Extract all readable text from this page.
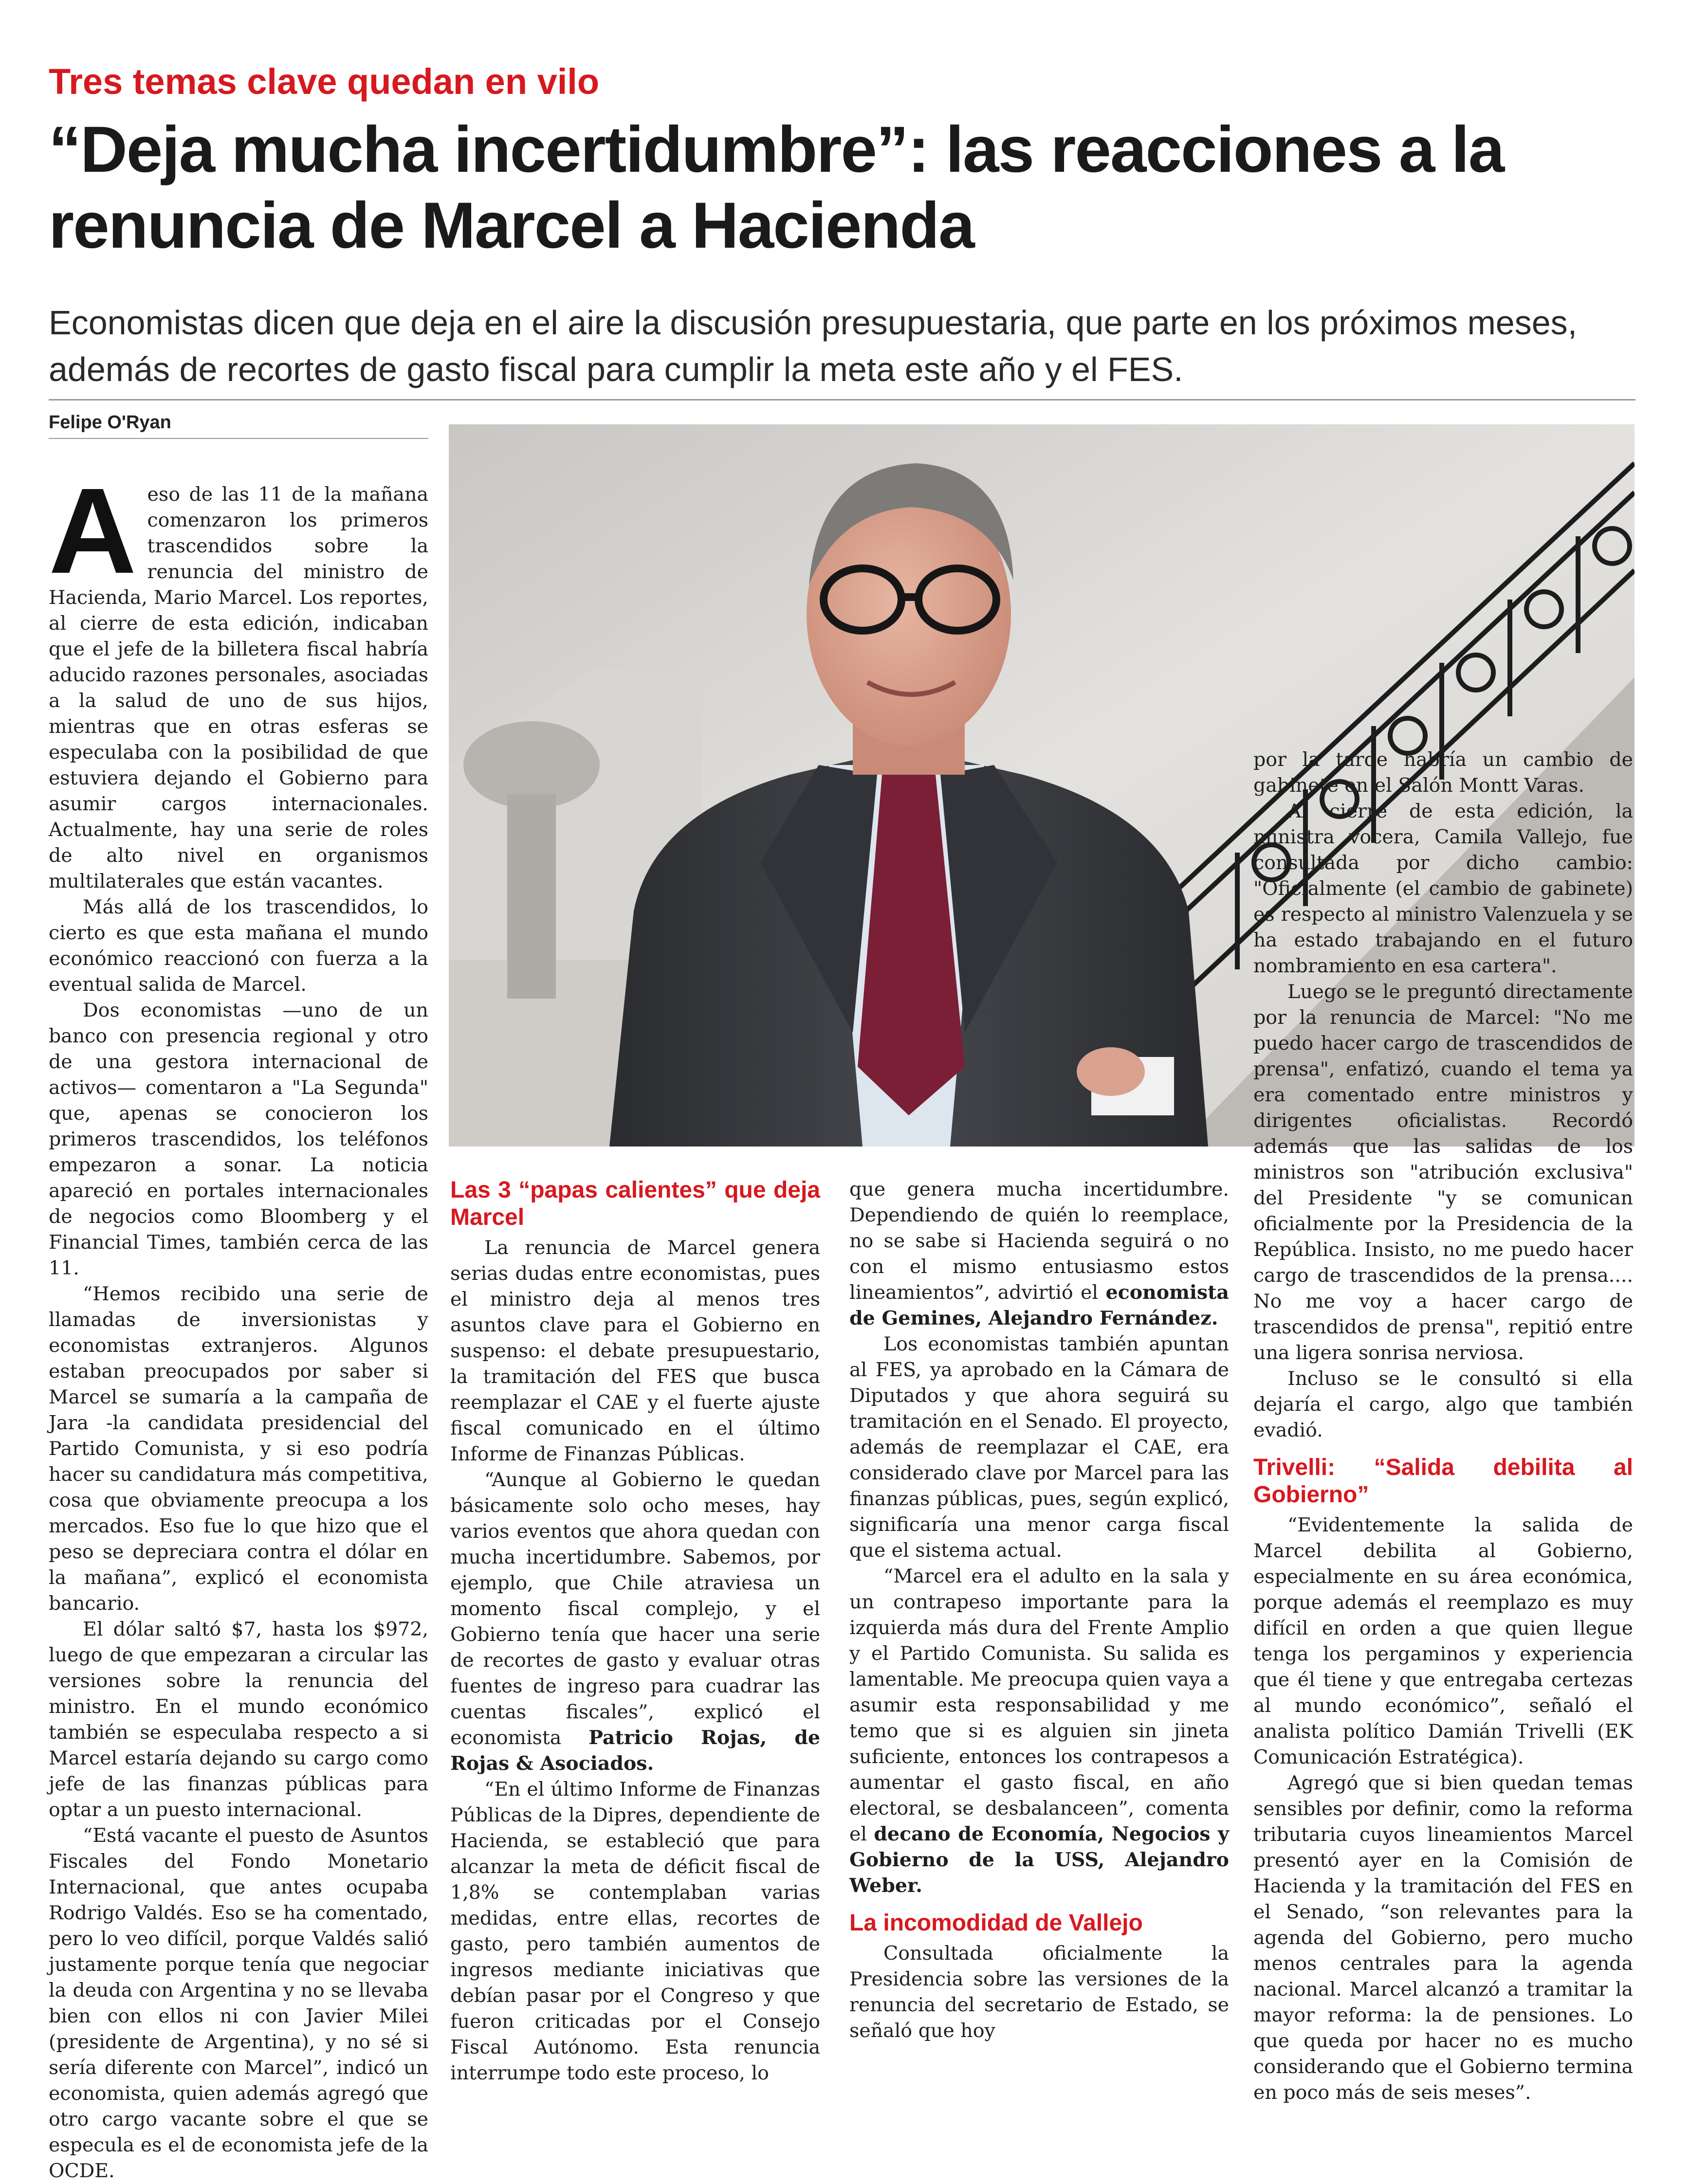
Tres temas clave quedan en vilo
“Deja mucha incertidumbre”: las reacciones a la renuncia de Marcel a Hacienda

Economistas dicen que deja en el aire la discusión presupuestaria, que parte en los próximos meses, además de recortes de gasto fiscal para cumplir la meta este año y el FES.

Felipe O'Ryan
A eso de las 11 de la mañana comenzaron los primeros trascendidos sobre la renuncia del ministro de Hacienda, Mario Marcel. Los reportes, al cierre de esta edición, indicaban que el jefe de la billetera fiscal habría aducido razones personales, asociadas a la salud de uno de sus hijos, mientras que en otras esferas se especulaba con la posibilidad de que estuviera dejando el Gobierno para asumir cargos internacionales. Actualmente, hay una serie de roles de alto nivel en organismos multilaterales que están vacantes.

Más allá de los trascendidos, lo cierto es que esta mañana el mundo económico reaccionó con fuerza a la eventual salida de Marcel.

Dos economistas —uno de un banco con presencia regional y otro de una gestora internacional de activos— comentaron a "La Segunda" que, apenas se conocieron los primeros trascendidos, los teléfonos empezaron a sonar. La noticia apareció en portales internacionales de negocios como Bloomberg y el Financial Times, también cerca de las 11.

“Hemos recibido una serie de llamadas de inversionistas y economistas extranjeros. Algunos estaban preocupados por saber si Marcel se sumaría a la campaña de Jara -la candidata presidencial del Partido Comunista, y si eso podría hacer su candidatura más competitiva, cosa que obviamente preocupa a los mercados. Eso fue lo que hizo que el peso se depreciara contra el dólar en la mañana”, explicó el economista bancario.

El dólar saltó $7, hasta los $972, luego de que empezaran a circular las versiones sobre la renuncia del ministro. En el mundo económico también se especulaba respecto a si Marcel estaría dejando su cargo como jefe de las finanzas públicas para optar a un puesto internacional.

“Está vacante el puesto de Asuntos Fiscales del Fondo Monetario Internacional, que antes ocupaba Rodrigo Valdés. Eso se ha comentado, pero lo veo difícil, porque Valdés salió justamente porque tenía que negociar la deuda con Argentina y no se llevaba bien con ellos ni con Javier Milei (presidente de Argentina), y no sé si sería diferente con Marcel”, indicó un economista, quien además agregó que otro cargo vacante sobre el que se especula es el de economista jefe de la OCDE.

Las 3 “papas calientes” que deja Marcel

La renuncia de Marcel genera serias dudas entre economistas, pues el ministro deja al menos tres asuntos clave para el Gobierno en suspenso: el debate presupuestario, la tramitación del FES que busca reemplazar el CAE y el fuerte ajuste fiscal comunicado en el último Informe de Finanzas Públicas.

“Aunque al Gobierno le quedan básicamente solo ocho meses, hay varios eventos que ahora quedan con mucha incertidumbre. Sabemos, por ejemplo, que Chile atraviesa un momento fiscal complejo, y el Gobierno tenía que hacer una serie de recortes de gasto y evaluar otras fuentes de ingreso para cuadrar las cuentas fiscales”, explicó el economista Patricio Rojas, de Rojas & Asociados.

“En el último Informe de Finanzas Públicas de la Dipres, dependiente de Hacienda, se estableció que para alcanzar la meta de déficit fiscal de 1,8% se contemplaban varias medidas, entre ellas, recortes de gasto, pero también aumentos de ingresos mediante iniciativas que debían pasar por el Congreso y que fueron criticadas por el Consejo Fiscal Autónomo. Esta renuncia interrumpe todo este proceso, lo

que genera mucha incertidumbre. Dependiendo de quién lo reemplace, no se sabe si Hacienda seguirá o no con el mismo entusiasmo estos lineamientos”, advirtió el economista de Gemines, Alejandro Fernández.

Los economistas también apuntan al FES, ya aprobado en la Cámara de Diputados y que ahora seguirá su tramitación en el Senado. El proyecto, además de reemplazar el CAE, era considerado clave por Marcel para las finanzas públicas, pues, según explicó, significaría una menor carga fiscal que el sistema actual.

“Marcel era el adulto en la sala y un contrapeso importante para la izquierda más dura del Frente Amplio y el Partido Comunista. Su salida es lamentable. Me preocupa quien vaya a asumir esta responsabilidad y me temo que si es alguien sin jineta suficiente, entonces los contrapesos a aumentar el gasto fiscal, en año electoral, se desbalanceen”, comenta el decano de Economía, Negocios y Gobierno de la USS, Alejandro Weber.

La incomodidad de Vallejo

Consultada oficialmente la Presidencia sobre las versiones de la renuncia del secretario de Estado, se señaló que hoy

por la tarde habría un cambio de gabinete en el Salón Montt Varas.

Al cierre de esta edición, la ministra vocera, Camila Vallejo, fue consultada por dicho cambio: "Oficialmente (el cambio de gabinete) es respecto al ministro Valenzuela y se ha estado trabajando en el futuro nombramiento en esa cartera".

Luego se le preguntó directamente por la renuncia de Marcel: "No me puedo hacer cargo de trascendidos de prensa", enfatizó, cuando el tema ya era comentado entre ministros y dirigentes oficialistas. Recordó además que las salidas de los ministros son "atribución exclusiva" del Presidente "y se comunican oficialmente por la Presidencia de la República. Insisto, no me puedo hacer cargo de trascendidos de la prensa.... No me voy a hacer cargo de trascendidos de prensa", repitió entre una ligera sonrisa nerviosa.

Incluso se le consultó si ella dejaría el cargo, algo que también evadió.

Trivelli: “Salida debilita al Gobierno”

“Evidentemente la salida de Marcel debilita al Gobierno, especialmente en su área económica, porque además el reemplazo es muy difícil en orden a que quien llegue tenga los pergaminos y experiencia que él tiene y que entregaba certezas al mundo económico”, señaló el analista político Damián Trivelli (EK Comunicación Estratégica).

Agregó que si bien quedan temas sensibles por definir, como la reforma tributaria cuyos lineamientos Marcel presentó ayer en la Comisión de Hacienda y la tramitación del FES en el Senado, “son relevantes para la agenda del Gobierno, pero mucho menos centrales para la agenda nacional. Marcel alcanzó a tramitar la mayor reforma: la de pensiones. Lo que queda por hacer no es mucho considerando que el Gobierno termina en poco más de seis meses”.
